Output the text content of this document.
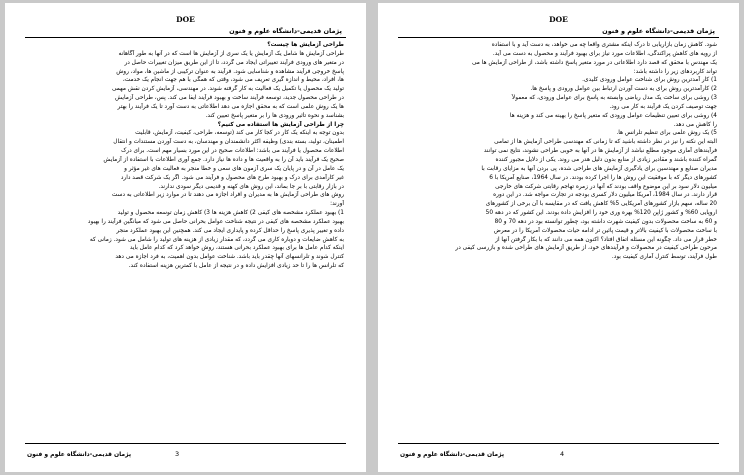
DOE
پژمان قدیمی-دانشگاه علوم و فنون
طراحی آزمایش ها چیست؟
طراحی آزمایش ها شامل یک آزمایش یا یک سری از آزمایش ها است که در آنها به طور آگاهانه
در متغیر های ورودی فرآیند تغییراتی ایجاد می گردد، تا از این طریق میزان تغییرات حاصل در
پاسخ خروجی فرآیند مشاهده و شناسایی شود. فرآیند به عنوان ترکیبی از ماشین ها، مواد، روش
ها، افراد، محیط و اندازه گیری تعریف می شود، وقتی که همگی با هم جهت انجام یک خدمت،
تولید یک محصول یا تکمیل یک فعالیت به کار گرفته شوند. در مهندسی، آزمایش کردن نقش مهمی
در طراحی محصول جدید، توسعه فرآیند ساخت و بهبود فرآیند ایفا می کند. پس، طراحی آزمایش
ها یک روش علمی است که به محقق اجازه می دهد اطلاعاتی به دست آورد تا یک فرآیند را بهتر
بشناسد و نحوه تأثیر ورودی ها را بر متغیر پاسخ تعیین کند.
چرا از طراحی آزمایش ها استفاده می کنیم؟
بدون توجه به اینکه یک کار در کجا کار می کند (توسعه، طراحی، کیفیت، آزمایش، قابلیت
اطمینان، تولید، بسته بندی) وظیفه اکثر دانشمندان و مهندسان، به دست آوردن مستندات و انتقال
اطلاعات محصول یا فرآیند می باشد: اطلاعات صحیح در این مورد بسیار مهم است. برای درک
صحیح یک فرآیند باید آن را به واقعیت ها و داده ها نیاز دارد. جمع آوری اطلاعات با استفاده از آزمایش
یک عامل در آن و در پایان یک سری آزمون های سعی و خطا منجر به فعالیت های غیر مؤثر و
غیر کارآمدی برای درک و بهبود طرح های محصول و فرآیند می شود. اگر یک شرکت قصد دارد
در بازار رقابتی با بر جا بماند، این روش های کهنه و قدیمی دیگر سودی ندارند.
روش های طراحی آزمایش ها به مدیران و افراد اجازه می دهند تا در موارد زیر اطلاعاتی به دست
آورند:
1) بهبود عملکرد مشخصه های کیفی 2) کاهش هزینه ها 3) کاهش زمان توسعه محصول و تولید
بهبود عملکرد مشخصه های کیفی در نتیجه شناخت عوامل بحرانی حاصل می شود که میانگین فرآیند را بهبود
داده و تغییر پذیری پاسخ را حداقل کرده و پایداری ایجاد می کند. همچنین این بهبود عملکرد منجر
به کاهش ضایعات و دوباره کاری می گردد، که مقدار زیادی از هزینه های تولید را شامل می شود. زمانی که
اینکه کدام عامل ها برای بهبود عملکرد بحرانی هستند، روش خواهد کرد که کدام عامل باید
کنترل شوند و تلرانسهای آنها چقدر باید باشد. شناخت عوامل بدون اهمیت، به فرد اجازه می دهد
که تلرانس ها را تا حد زیادی افزایش داده و در نتیجه از عامل با کمترین هزینه استفاده کند.
3
پژمان قدیمی-دانشگاه علوم و فنون
DOE
پژمان قدیمی-دانشگاه علوم و فنون
شود. کاهش زمان بازاریابی تا درک اینکه مشتری واقعاً چه می خواهد، به دست آید و با استفاده
از رویه های کاهش پراکندگی، اطلاعات مورد نیاز برای بهبود فرآیند و محصول به دست می آید.
یک مهندس با محقق که قصد دارد اطلاعاتی در مورد متغیر پاسخ داشته باشد، از طراحی آزمایش ها می
تواند کاربردهای زیر را داشته باشد:
1) کار آمدترین روش برای شناخت عوامل ورودی کلیدی.
2) کارآمدترین روش برای به دست آوردن ارتباط بین عوامل ورودی و پاسخ ها.
3) روشی برای ساخت یک مدل ریاضی وابسته به پاسخ برای عوامل ورودی، که معمولاً
جهت توصیف کردن یک فرآیند به کار می رود.
4) روشی برای تعیین تنظیمات عوامل ورودی که متغیر پاسخ را بهینه می کند و هزینه ها
را کاهش می دهد.
5) یک روش علمی برای تنظیم تلرانس ها.
البته این نکته را نیز در نظر داشته باشید که تا زمانی که مهندسی طراحی آزمایش ها از تمامی
فرآیندهای آماری موجود مطلع نباشد از آزمایش ها در آنها به خوبی طراحی نشوند، نتایج نمی توانند
گمراه کننده باشند و مقادیر زیادی از منابع بدون دلیل هدر می روند. یکی از دلایل مجبور کننده
مدیران صنایع و مهندسین برای یادگیری آزمایش های طراحی شده، پی بردن آنها به مزایای رقابت با
کشورهای دیگر که با موفقیت این روش ها را اجرا کرده بودند. در سال 1964، صنایع آمریکا با 6
میلیون دلار سود بر این موضوع واقف بودند که آنها در زمره تهاجم رقابتی شرکت های خارجی
قرار دارند. در سال 1984، آمریکا میلیون دلار کسری بودجه در تجارت مواجه شد. در این دوره
20 ساله، سهم بازار کشورهای آمریکایی 5% کاهش یافت که در مقایسه با آن برخی از کشورهای
اروپایی 60% و کشور ژاپن 120% بهره وری خود را افزایش داده بودند. این کشور که در دهه 50
و 60 به ساخت محصولات بدون کیفیت شهرت داشته بود، چطور توانسته بود در دهه 70 و 80
با ساخت محصولات با کیفیت بالاتر و قیمت پائین تر ادامه حیات محصولات آمریکا را در معرض
خطر قرار می داد. چگونه این مسئله اتفاق افتاد؟ اکنون همه می دانند که با بکار گرفتن آنها از
مرحون طراحی کیفیت در محصولات و فرآیندهای خود، از طریق آزمایش های طراحی شده و بازرسی کیفی در
طول فرآیند، توسط کنترل آماری کیفیت بود.
4
پژمان قدیمی-دانشگاه علوم و فنون
